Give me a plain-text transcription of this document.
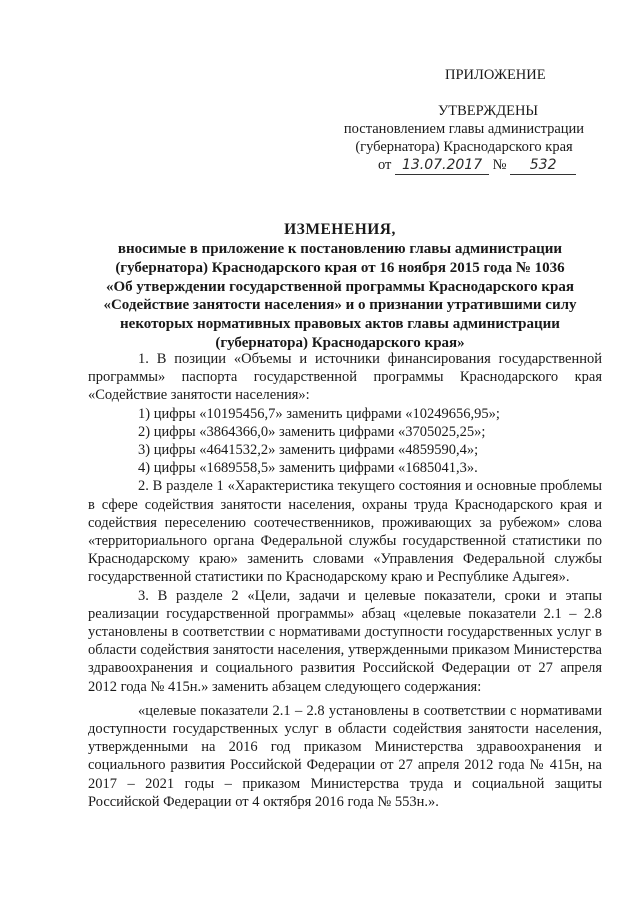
ПРИЛОЖЕНИЕ
УТВЕРЖДЕНЫ
постановлением главы администрации
(губернатора) Краснодарского края
от 13.07.2017 № 532
ИЗМЕНЕНИЯ,
вносимые в приложение к постановлению главы администрации
(губернатора) Краснодарского края от 16 ноября 2015 года № 1036
«Об утверждении государственной программы Краснодарского края
«Содействие занятости населения» и о признании утратившими силу
некоторых нормативных правовых актов главы администрации
(губернатора) Краснодарского края»
1. В позиции «Объемы и источники финансирования государственной программы» паспорта государственной программы Краснодарского края «Содействие занятости населения»:
1) цифры «10195456,7» заменить цифрами «10249656,95»;
2) цифры «3864366,0» заменить цифрами «3705025,25»;
3) цифры «4641532,2» заменить цифрами «4859590,4»;
4) цифры «1689558,5» заменить цифрами «1685041,3».
2. В разделе 1 «Характеристика текущего состояния и основные проблемы в сфере содействия занятости населения, охраны труда Краснодарского края и содействия переселению соотечественников, проживающих за рубежом» слова «территориального органа Федеральной службы государственной статистики по Краснодарскому краю» заменить словами «Управления Федеральной службы государственной статистики по Краснодарскому краю и Республике Адыгея».
3. В разделе 2 «Цели, задачи и целевые показатели, сроки и этапы реализации государственной программы» абзац «целевые показатели 2.1 – 2.8 установлены в соответствии с нормативами доступности государственных услуг в области содействия занятости населения, утвержденными приказом Министерства здравоохранения и социального развития Российской Федерации от 27 апреля 2012 года № 415н.» заменить абзацем следующего содержания:
«целевые показатели 2.1 – 2.8 установлены в соответствии с нормативами доступности государственных услуг в области содействия занятости населения, утвержденными на 2016 год приказом Министерства здравоохранения и социального развития Российской Федерации от 27 апреля 2012 года № 415н, на 2017 – 2021 годы – приказом Министерства труда и социальной защиты Российской Федерации от 4 октября 2016 года № 553н.».
